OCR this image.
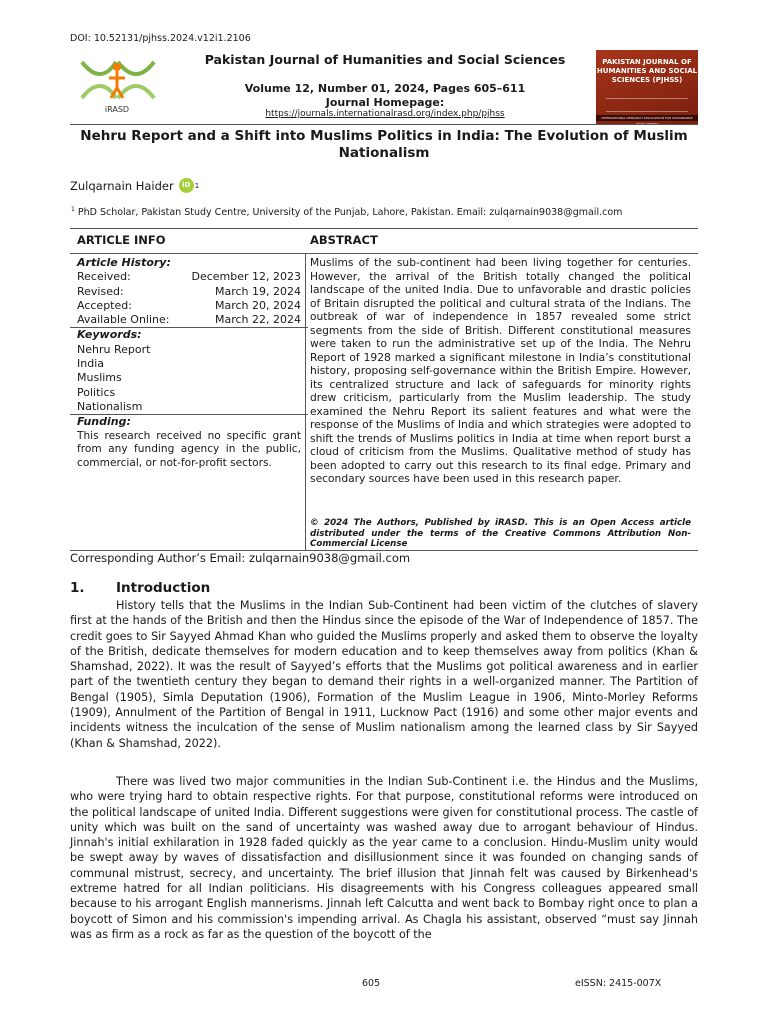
DOI: 10.52131/pjhss.2024.v12i1.2106
iRASD
Pakistan Journal of Humanities and Social Sciences
Volume 12, Number 01, 2024, Pages 605–611
Journal Homepage:
https://journals.internationalrasd.org/index.php/pjhss
PAKISTAN JOURNAL OF HUMANITIES AND SOCIAL SCIENCES (PJHSS)
INTERNATIONAL RESEARCH ASSOCIATION FOR SUSTAINABLE DEVELOPMENT
Nehru Report and a Shift into Muslims Politics in India: The Evolution of Muslim Nationalism
Zulqarnain Haider	iD 1
$^1$ PhD Scholar, Pakistan Study Centre, University of the Punjab, Lahore, Pakistan. Email: zulqarnain9038@gmail.com
ARTICLE INFO	ABSTRACT
Article History:
Received:	December 12, 2023
Revised:	March 19, 2024
Accepted:	March 20, 2024
Available Online:	March 22, 2024
Keywords:
Nehru Report
India
Muslims
Politics
Nationalism
Funding:
This research received no specific grant from any funding agency in the public, commercial, or not-for-profit sectors.
Muslims of the sub-continent had been living together for centuries. However, the arrival of the British totally changed the political landscape of the united India. Due to unfavorable and drastic policies of Britain disrupted the political and cultural strata of the Indians. The outbreak of war of independence in 1857 revealed some strict segments from the side of British. Different constitutional measures were taken to run the administrative set up of the India. The Nehru Report of 1928 marked a significant milestone in India’s constitutional history, proposing self-governance within the British Empire. However, its centralized structure and lack of safeguards for minority rights drew criticism, particularly from the Muslim leadership. The study examined the Nehru Report its salient features and what were the response of the Muslims of India and which strategies were adopted to shift the trends of Muslims politics in India at time when report burst a cloud of criticism from the Muslims. Qualitative method of study has been adopted to carry out this research to its final edge. Primary and secondary sources have been used in this research paper.
© 2024 The Authors, Published by iRASD. This is an Open Access article distributed under the terms of the Creative Commons Attribution Non-Commercial License
Corresponding Author’s Email: zulqarnain9038@gmail.com
1. Introduction

History tells that the Muslims in the Indian Sub-Continent had been victim of the clutches of slavery first at the hands of the British and then the Hindus since the episode of the War of Independence of 1857. The credit goes to Sir Sayyed Ahmad Khan who guided the Muslims properly and asked them to observe the loyalty of the British, dedicate themselves for modern education and to keep themselves away from politics (Khan & Shamshad, 2022). It was the result of Sayyed’s efforts that the Muslims got political awareness and in earlier part of the twentieth century they began to demand their rights in a well-organized manner. The Partition of Bengal (1905), Simla Deputation (1906), Formation of the Muslim League in 1906, Minto-Morley Reforms (1909), Annulment of the Partition of Bengal in 1911, Lucknow Pact (1916) and some other major events and incidents witness the inculcation of the sense of Muslim nationalism among the learned class by Sir Sayyed (Khan & Shamshad, 2022).

There was lived two major communities in the Indian Sub-Continent i.e. the Hindus and the Muslims, who were trying hard to obtain respective rights. For that purpose, constitutional reforms were introduced on the political landscape of united India. Different suggestions were given for constitutional process. The castle of unity which was built on the sand of uncertainty was washed away due to arrogant behaviour of Hindus. Jinnah's initial exhilaration in 1928 faded quickly as the year came to a conclusion. Hindu-Muslim unity would be swept away by waves of dissatisfaction and disillusionment since it was founded on changing sands of communal mistrust, secrecy, and uncertainty. The brief illusion that Jinnah felt was caused by Birkenhead's extreme hatred for all Indian politicians. His disagreements with his Congress colleagues appeared small because to his arrogant English mannerisms. Jinnah left Calcutta and went back to Bombay right once to plan a boycott of Simon and his commission's impending arrival. As Chagla his assistant, observed “must say Jinnah was as firm as a rock as far as the question of the boycott of the

605	eISSN: 2415-007X
